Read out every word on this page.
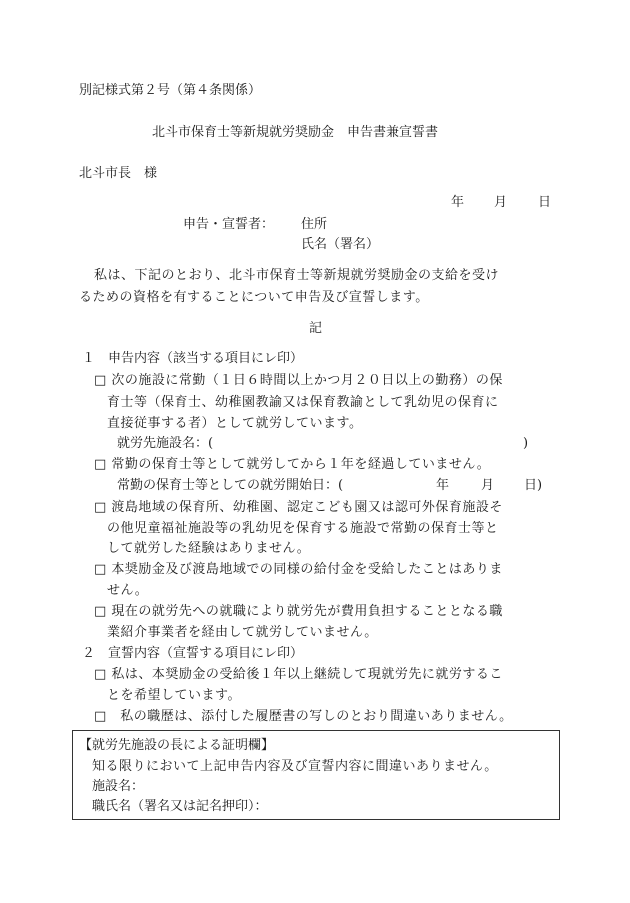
別記様式第２号（第４条関係）
北斗市保育士等新規就労奨励金　申告書兼宣誓書
北斗市長　様
年 月 日
申告・宣誓者： 住所
氏名（署名）
私は、下記のとおり、北斗市保育士等新規就労奨励金の支給を受け
るための資格を有することについて申告及び宣誓します。
記
１　申告内容（該当する項目にレ印）
□ 次の施設に常勤（１日６時間以上かつ月２０日以上の勤務）の保
育士等（保育士、幼稚園教諭又は保育教諭として乳幼児の保育に
直接従事する者）として就労しています。
就労先施設名：(	)
□ 常勤の保育士等として就労してから１年を経過していません。
常勤の保育士等としての就労開始日：(	年 月 日)
□ 渡島地域の保育所、幼稚園、認定こども園又は認可外保育施設そ
の他児童福祉施設等の乳幼児を保育する施設で常勤の保育士等と
して就労した経験はありません。
□ 本奨励金及び渡島地域での同様の給付金を受給したことはありま
せん。
□ 現在の就労先への就職により就労先が費用負担することとなる職
業紹介事業者を経由して就労していません。
２　宣誓内容（宣誓する項目にレ印）
□ 私は、本奨励金の受給後１年以上継続して現就労先に就労するこ
とを希望しています。
□　私の職歴は、添付した履歴書の写しのとおり間違いありません。
【就労先施設の長による証明欄】
知る限りにおいて上記申告内容及び宣誓内容に間違いありません。
施設名：
職氏名（署名又は記名押印）：
